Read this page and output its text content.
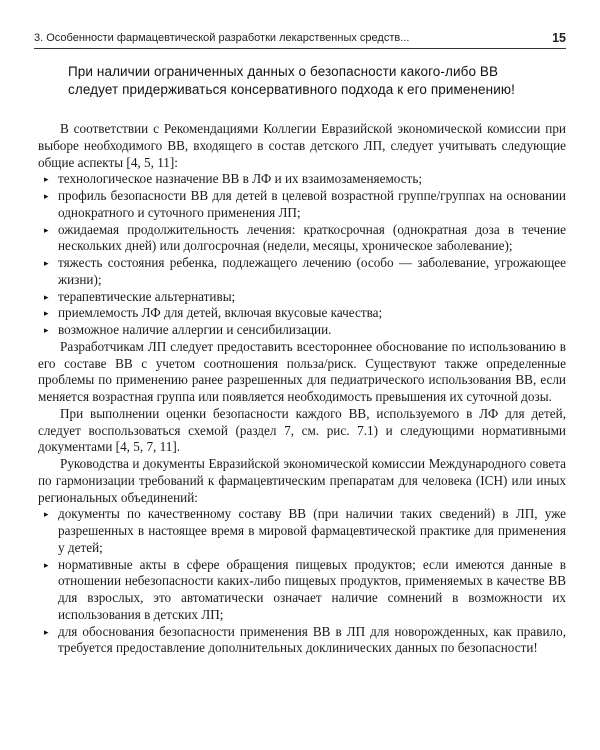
3. Особенности фармацевтической разработки лекарственных средств...	15
При наличии ограниченных данных о безопасности какого-либо ВВ следует придерживаться консервативного подхода к его применению!

В соответствии с Рекомендациями Коллегии Евразийской экономической комиссии при выборе необходимого ВВ, входящего в состав детского ЛП, следует учитывать следующие общие аспекты [4, 5, 11]:

▸ технологическое назначение ВВ в ЛФ и их взаимозаменяемость;
▸ профиль безопасности ВВ для детей в целевой возрастной группе/группах на основании однократного и суточного применения ЛП;
▸ ожидаемая продолжительность лечения: краткосрочная (однократная доза в течение нескольких дней) или долгосрочная (недели, месяцы, хроническое заболевание);
▸ тяжесть состояния ребенка, подлежащего лечению (особо — заболевание, угрожающее жизни);
▸ терапевтические альтернативы;
▸ приемлемость ЛФ для детей, включая вкусовые качества;
▸ возможное наличие аллергии и сенсибилизации.

Разработчикам ЛП следует предоставить всестороннее обоснование по использованию в его составе ВВ с учетом соотношения польза/риск. Существуют также определенные проблемы по применению ранее разрешенных для педиатрического использования ВВ, если меняется возрастная группа или появляется необходимость превышения их суточной дозы.

При выполнении оценки безопасности каждого ВВ, используемого в ЛФ для детей, следует воспользоваться схемой (раздел 7, см. рис. 7.1) и следующими нормативными документами [4, 5, 7, 11].

Руководства и документы Евразийской экономической комиссии Международного совета по гармонизации требований к фармацевтическим препаратам для человека (ICH) или иных региональных объединений:

▸ документы по качественному составу ВВ (при наличии таких сведений) в ЛП, уже разрешенных в настоящее время в мировой фармацевтической практике для применения у детей;
▸ нормативные акты в сфере обращения пищевых продуктов; если имеются данные в отношении небезопасности каких-либо пищевых продуктов, применяемых в качестве ВВ для взрослых, это автоматически означает наличие сомнений в возможности их использования в детских ЛП;
▸ для обоснования безопасности применения ВВ в ЛП для новорожденных, как правило, требуется предоставление дополнительных доклинических данных по безопасности!
